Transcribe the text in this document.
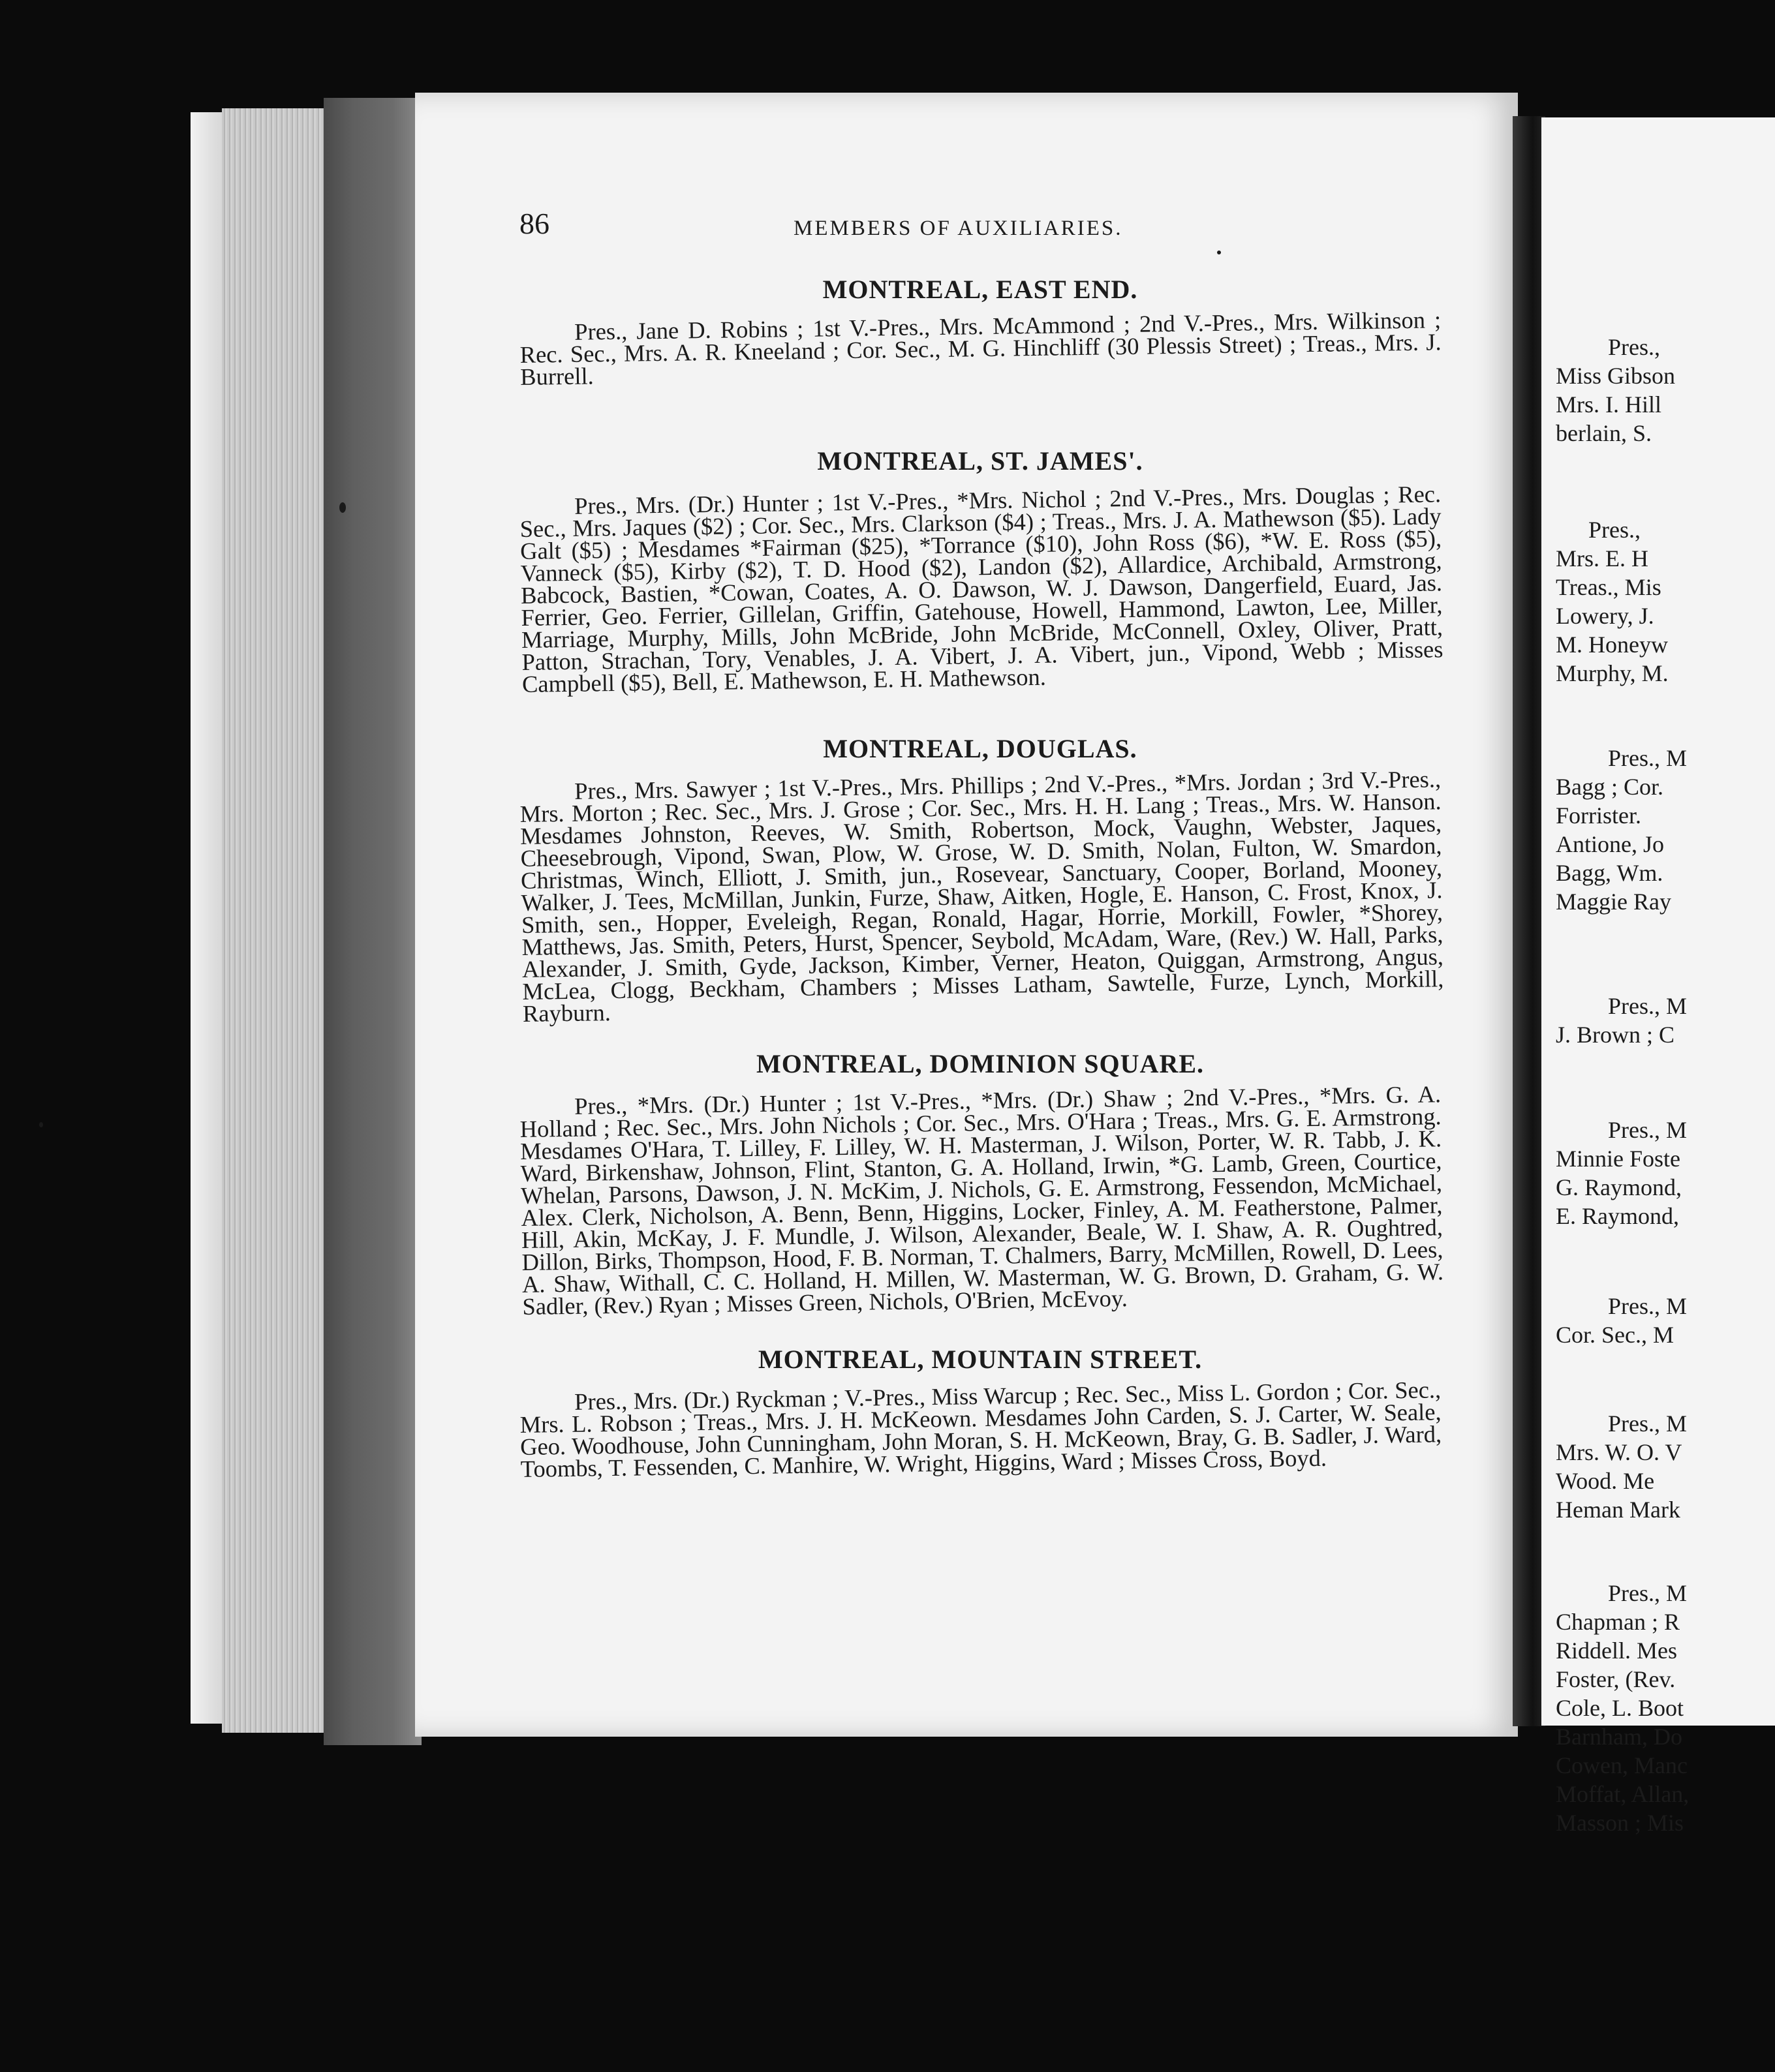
Pres.,
Miss Gibson
Mrs. I. Hill
berlain, S.
Pres.,
Mrs. E. H
Treas., Mis
Lowery, J.
M. Honeyw
Murphy, M.
Pres., M
Bagg ; Cor.
Forrister.
Antione, Jo
Bagg, Wm.
Maggie Ray
Pres., M
J. Brown ; C
Pres., M
Minnie Foste
G. Raymond,
E. Raymond,
Pres., M
Cor. Sec., M
Pres., M
Mrs. W. O. V
Wood. Me
Heman Mark
Pres., M
Chapman ; R
Riddell. Mes
Foster, (Rev.
Cole, L. Boot
Barnham, Do
Cowen, Manc
Moffat, Allan,
Masson ; Mis
86	MEMBERS OF AUXILIARIES.
MONTREAL, EAST END.

Pres., Jane D. Robins ; 1st V.-Pres., Mrs. McAmmond ; 2nd V.-Pres., Mrs. Wilkinson ; Rec. Sec., Mrs. A. R. Kneeland ; Cor. Sec., M. G. Hinchliff (30 Plessis Street) ; Treas., Mrs. J. Burrell.

MONTREAL, ST. JAMES'.

Pres., Mrs. (Dr.) Hunter ; 1st V.-Pres., *Mrs. Nichol ; 2nd V.-Pres., Mrs. Douglas ; Rec. Sec., Mrs. Jaques ($2) ; Cor. Sec., Mrs. Clarkson ($4) ; Treas., Mrs. J. A. Mathewson ($5). Lady Galt ($5) ; Mesdames *Fairman ($25), *Torrance ($10), John Ross ($6), *W. E. Ross ($5), Vanneck ($5), Kirby ($2), T. D. Hood ($2), Landon ($2), Allardice, Archibald, Armstrong, Babcock, Bastien, *Cowan, Coates, A. O. Dawson, W. J. Dawson, Dangerfield, Euard, Jas. Ferrier, Geo. Ferrier, Gillelan, Griffin, Gatehouse, Howell, Hammond, Lawton, Lee, Miller, Marriage, Murphy, Mills, John McBride, John McBride, McConnell, Oxley, Oliver, Pratt, Patton, Strachan, Tory, Venables, J. A. Vibert, J. A. Vibert, jun., Vipond, Webb ; Misses Campbell ($5), Bell, E. Mathewson, E. H. Mathewson.

MONTREAL, DOUGLAS.

Pres., Mrs. Sawyer ; 1st V.-Pres., Mrs. Phillips ; 2nd V.-Pres., *Mrs. Jordan ; 3rd V.-Pres., Mrs. Morton ; Rec. Sec., Mrs. J. Grose ; Cor. Sec., Mrs. H. H. Lang ; Treas., Mrs. W. Hanson. Mesdames Johnston, Reeves, W. Smith, Robertson, Mock, Vaughn, Webster, Jaques, Cheesebrough, Vipond, Swan, Plow, W. Grose, W. D. Smith, Nolan, Fulton, W. Smardon, Christmas, Winch, Elliott, J. Smith, jun., Rosevear, Sanctuary, Cooper, Borland, Mooney, Walker, J. Tees, McMillan, Junkin, Furze, Shaw, Aitken, Hogle, E. Hanson, C. Frost, Knox, J. Smith, sen., Hopper, Eveleigh, Regan, Ronald, Hagar, Horrie, Morkill, Fowler, *Shorey, Matthews, Jas. Smith, Peters, Hurst, Spencer, Seybold, McAdam, Ware, (Rev.) W. Hall, Parks, Alexander, J. Smith, Gyde, Jackson, Kimber, Verner, Heaton, Quiggan, Armstrong, Angus, McLea, Clogg, Beckham, Chambers ; Misses Latham, Sawtelle, Furze, Lynch, Morkill, Rayburn.

MONTREAL, DOMINION SQUARE.

Pres., *Mrs. (Dr.) Hunter ; 1st V.-Pres., *Mrs. (Dr.) Shaw ; 2nd V.-Pres., *Mrs. G. A. Holland ; Rec. Sec., Mrs. John Nichols ; Cor. Sec., Mrs. O'Hara ; Treas., Mrs. G. E. Armstrong. Mesdames O'Hara, T. Lilley, F. Lilley, W. H. Masterman, J. Wilson, Porter, W. R. Tabb, J. K. Ward, Birkenshaw, Johnson, Flint, Stanton, G. A. Holland, Irwin, *G. Lamb, Green, Courtice, Whelan, Parsons, Dawson, J. N. McKim, J. Nichols, G. E. Armstrong, Fessendon, McMichael, Alex. Clerk, Nicholson, A. Benn, Benn, Higgins, Locker, Finley, A. M. Featherstone, Palmer, Hill, Akin, McKay, J. F. Mundle, J. Wilson, Alexander, Beale, W. I. Shaw, A. R. Oughtred, Dillon, Birks, Thompson, Hood, F. B. Norman, T. Chalmers, Barry, McMillen, Rowell, D. Lees, A. Shaw, Withall, C. C. Holland, H. Millen, W. Masterman, W. G. Brown, D. Graham, G. W. Sadler, (Rev.) Ryan ; Misses Green, Nichols, O'Brien, McEvoy.

MONTREAL, MOUNTAIN STREET.

Pres., Mrs. (Dr.) Ryckman ; V.-Pres., Miss Warcup ; Rec. Sec., Miss L. Gordon ; Cor. Sec., Mrs. L. Robson ; Treas., Mrs. J. H. McKeown. Mesdames John Carden, S. J. Carter, W. Seale, Geo. Woodhouse, John Cunningham, John Moran, S. H. McKeown, Bray, G. B. Sadler, J. Ward, Toombs, T. Fessenden, C. Manhire, W. Wright, Higgins, Ward ; Misses Cross, Boyd.
